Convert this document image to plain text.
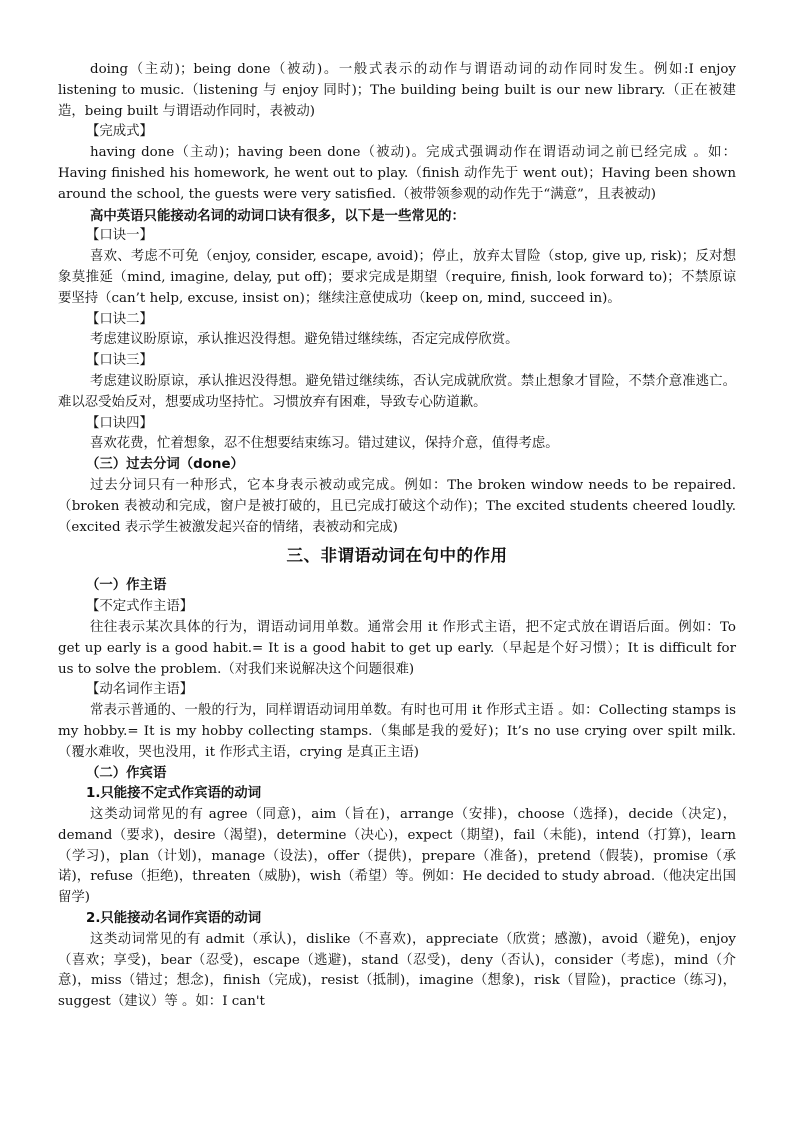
doing（主动)；being done（被动)。一般式表示的动作与谓语动词的动作同时发生。例如:I enjoy listening to music.（listening 与 enjoy 同时)；The building being built is our new library.（正在被建造，being built 与谓语动作同时，表被动)

【完成式】

having done（主动)；having been done（被动)。完成式强调动作在谓语动词之前已经完成 。如：Having finished his homework, he went out to play.（finish 动作先于 went out)；Having been shown around the school, the guests were very satisfied.（被带领参观的动作先于“满意”，且表被动)

高中英语只能接动名词的动词口诀有很多，以下是一些常见的：

【口诀一】

喜欢、考虑不可免（enjoy, consider, escape, avoid)；停止，放弃太冒险（stop, give up, risk)；反对想象莫推延（mind, imagine, delay, put off)；要求完成是期望（require, finish, look forward to)；不禁原谅要坚持（can’t help, excuse, insist on)；继续注意使成功（keep on, mind, succeed in)。

【口诀二】

考虑建议盼原谅，承认推迟没得想。避免错过继续练，否定完成停欣赏。

【口诀三】

考虑建议盼原谅，承认推迟没得想。避免错过继续练，否认完成就欣赏。禁止想象才冒险，不禁介意准逃亡。难以忍受始反对，想要成功坚持忙。习惯放弃有困难，导致专心防道歉。

【口诀四】

喜欢花费，忙着想象，忍不住想要结束练习。错过建议，保持介意，值得考虑。

（三）过去分词（done）

过去分词只有一种形式，它本身表示被动或完成。例如：The broken window needs to be repaired.（broken 表被动和完成，窗户是被打破的，且已完成打破这个动作)；The excited students cheered loudly.（excited 表示学生被激发起兴奋的情绪，表被动和完成)

三、非谓语动词在句中的作用

（一）作主语

【不定式作主语】

往往表示某次具体的行为，谓语动词用单数。通常会用 it 作形式主语，把不定式放在谓语后面。例如：To get up early is a good habit.= It is a good habit to get up early.（早起是个好习惯）；It is difficult for us to solve the problem.（对我们来说解决这个问题很难)

【动名词作主语】

常表示普通的、一般的行为，同样谓语动词用单数。有时也可用 it 作形式主语 。如：Collecting stamps is my hobby.= It is my hobby collecting stamps.（集邮是我的爱好)；It’s no use crying over spilt milk.（覆水难收，哭也没用，it 作形式主语，crying 是真正主语)

（二）作宾语

1.只能接不定式作宾语的动词

这类动词常见的有 agree（同意)，aim（旨在)，arrange（安排)，choose（选择)，decide（决定)，demand（要求)，desire（渴望)，determine（决心)，expect（期望)，fail（未能)，intend（打算)，learn（学习)，plan（计划)，manage（设法)，offer（提供)，prepare（准备)，pretend（假装)，promise（承诺)，refuse（拒绝)，threaten（威胁)，wish（希望）等。例如：He decided to study abroad.（他决定出国留学)

2.只能接动名词作宾语的动词

这类动词常见的有 admit（承认)，dislike（不喜欢)，appreciate（欣赏；感激)，avoid（避免)，enjoy（喜欢；享受)，bear（忍受)，escape（逃避)，stand（忍受)，deny（否认)，consider（考虑)，mind（介意)，miss（错过；想念)，finish（完成)，resist（抵制)，imagine（想象)，risk（冒险)，practice（练习)，suggest（建议）等 。如：I can't
